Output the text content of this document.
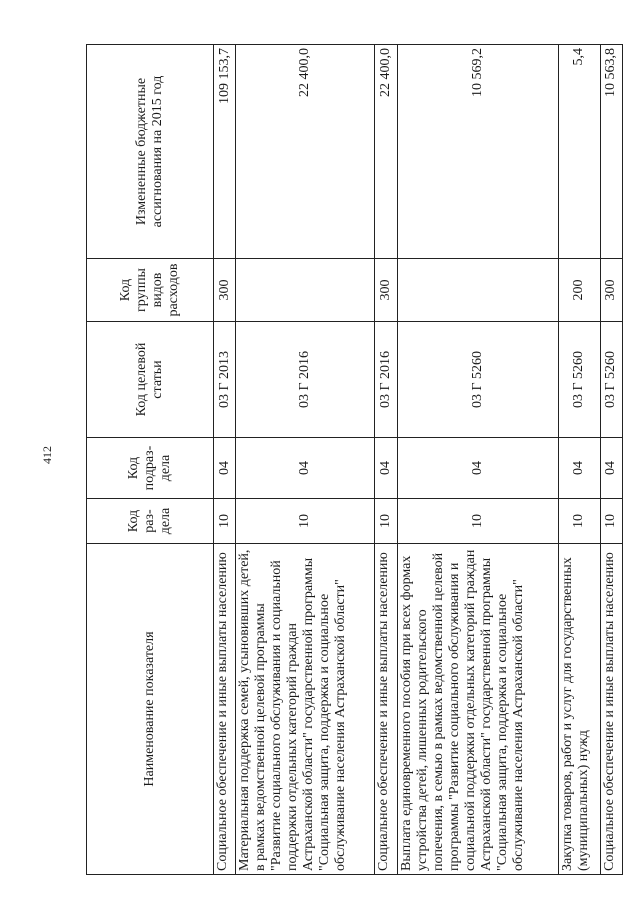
412
Наименование показателя	Код раз-дела	Код подраз-дела	Код целевой статьи	Код группы видов расходов	Измененные бюджетные ассигнования на 2015 год
Социальное обеспечение и иные выплаты населению	10	04	03 Г 2013	300	109 153,7
Материальная поддержка семей, усыновивших детей, в рамках ведомственной целевой программы "Развитие социального обслуживания и социальной поддержки отдельных категорий граждан Астраханской области" государственной программы "Социальная защита, поддержка и социальное обслуживание населения Астраханской области"	10	04	03 Г 2016		22 400,0
Социальное обеспечение и иные выплаты населению	10	04	03 Г 2016	300	22 400,0
Выплата единовременного пособия при всех формах устройства детей, лишенных родительского попечения, в семью в рамках ведомственной целевой программы "Развитие социального обслуживания и социальной поддержки отдельных категорий граждан Астраханской области" государственной программы "Социальная защита, поддержка и социальное обслуживание населения Астраханской области"	10	04	03 Г 5260		10 569,2
Закупка товаров, работ и услуг для государственных (муниципальных) нужд	10	04	03 Г 5260	200	5,4
Социальное обеспечение и иные выплаты населению	10	04	03 Г 5260	300	10 563,8
